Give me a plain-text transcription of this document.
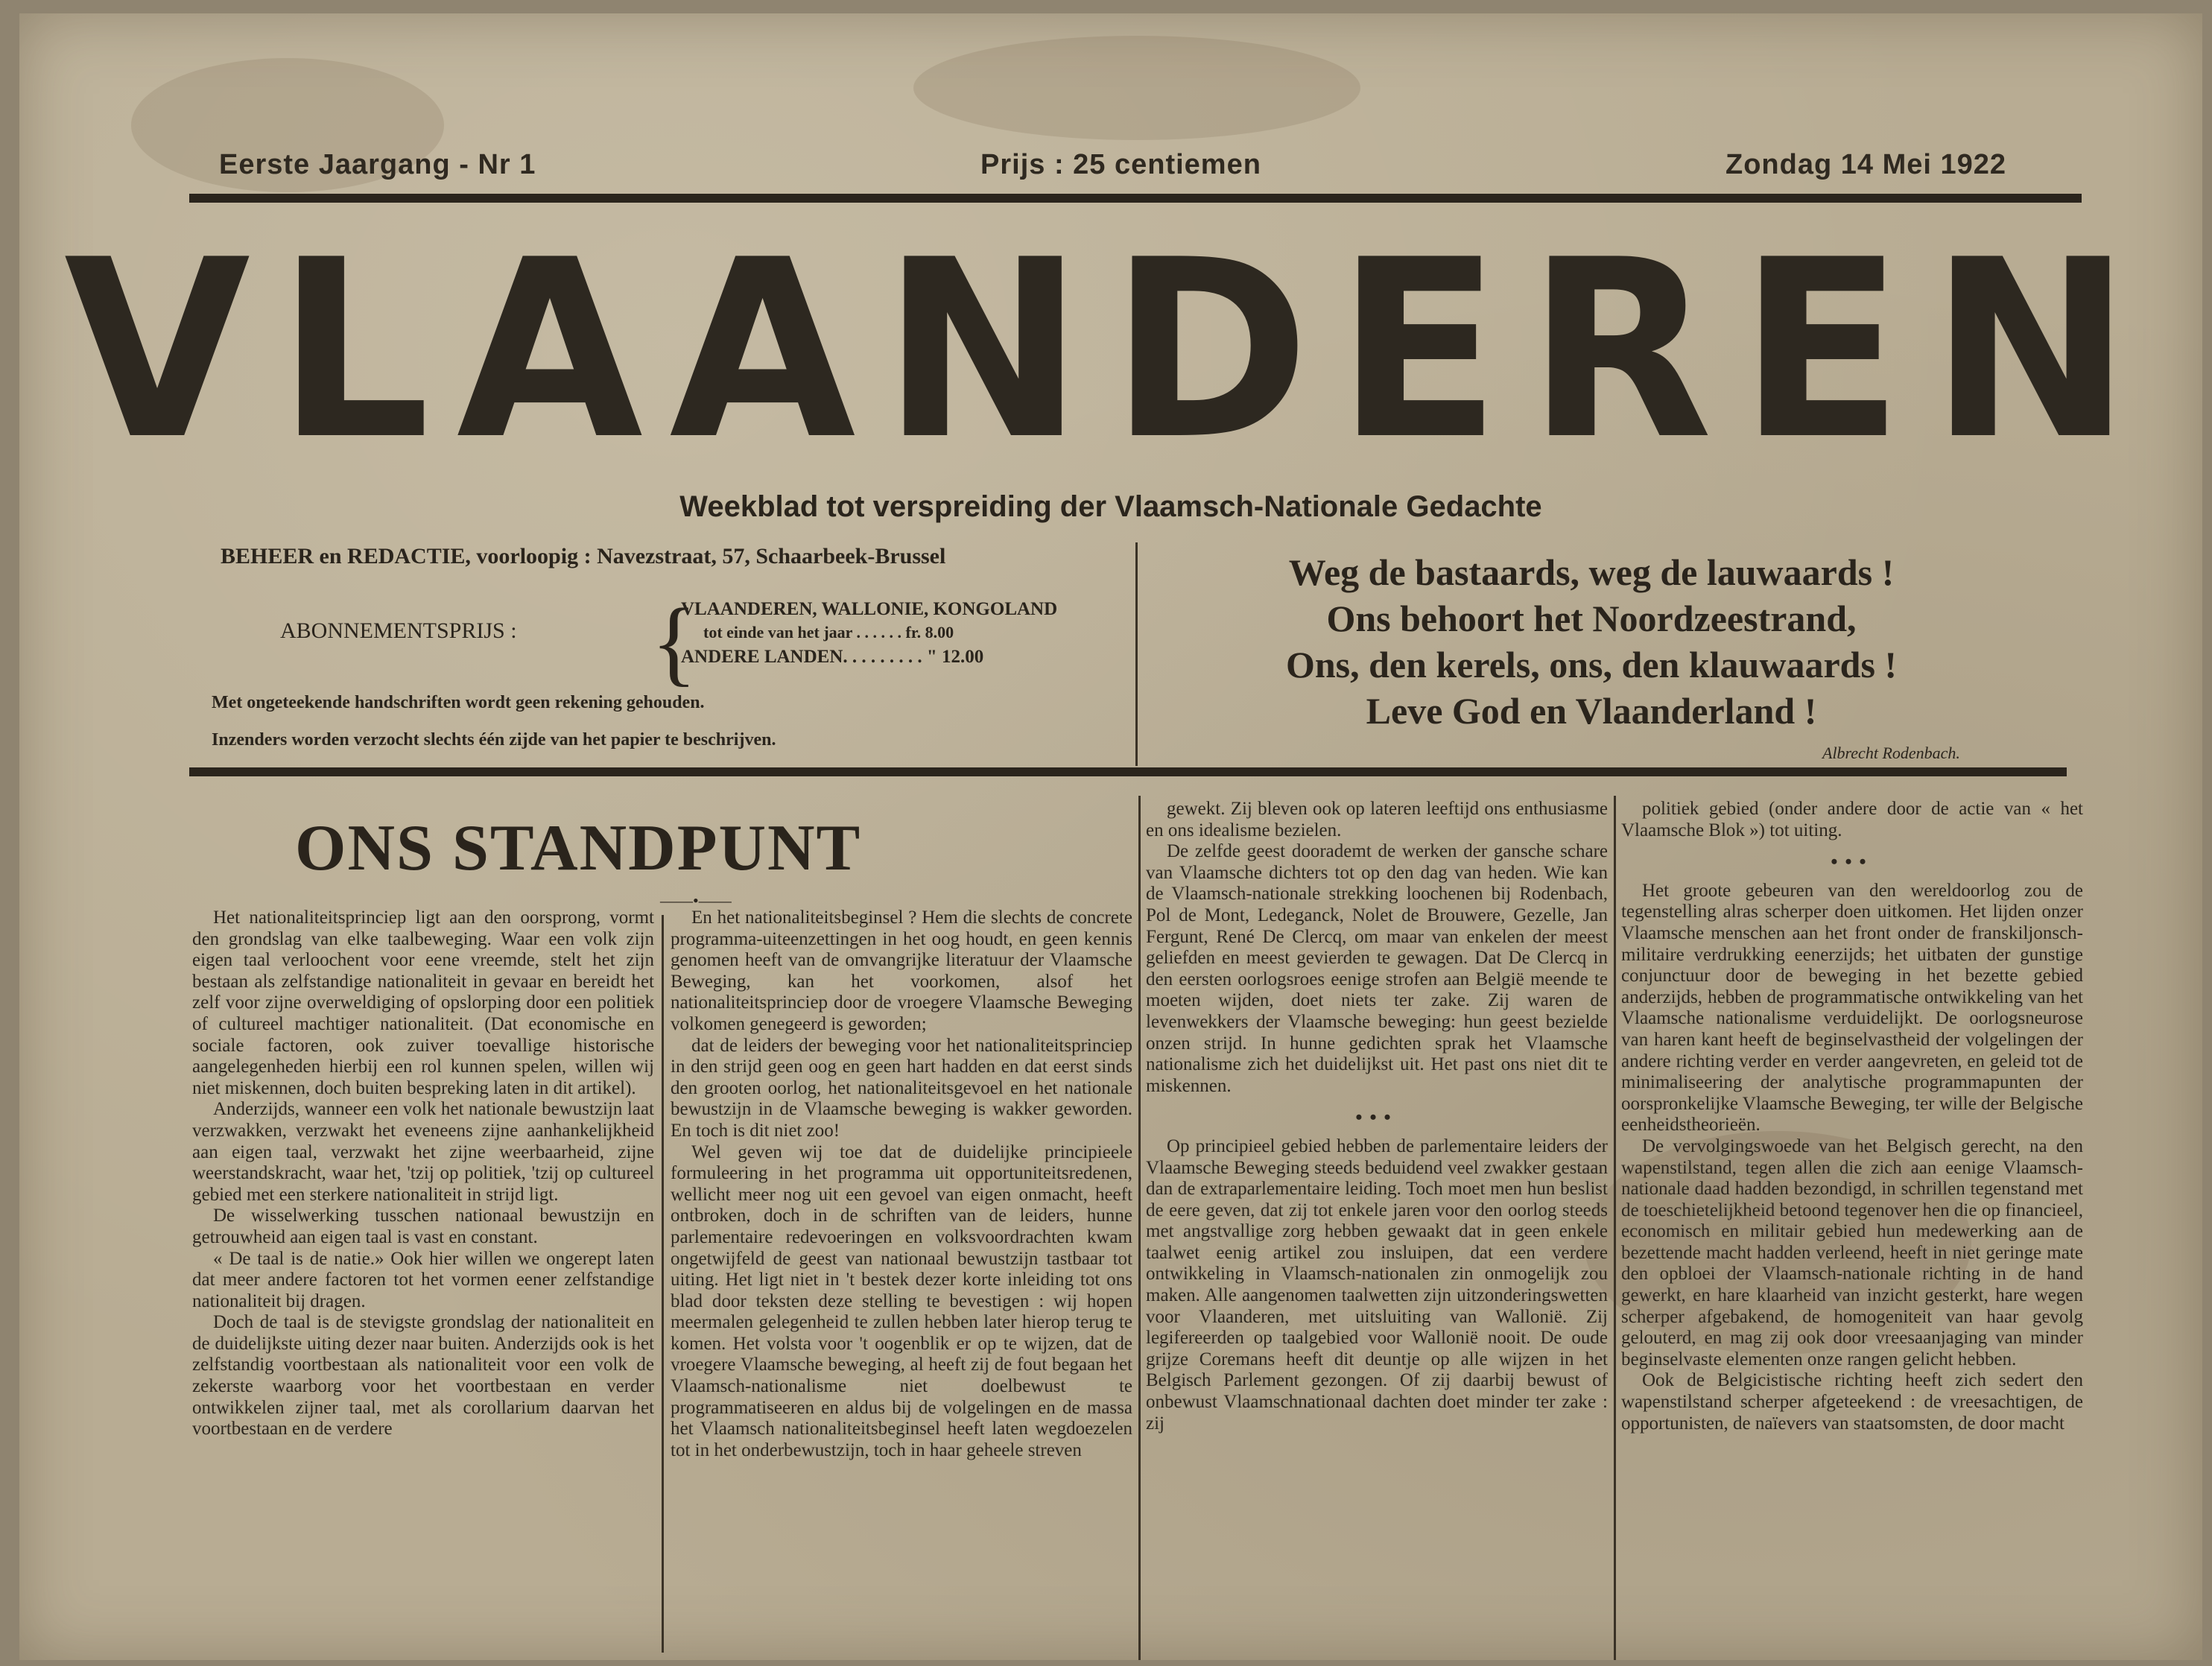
Eerste Jaargang - Nr 1	Prijs : 25 centiemen	Zondag 14 Mei 1922
VLAANDEREN
Weekblad tot verspreiding der Vlaamsch-Nationale Gedachte
BEHEER en REDACTIE, voorloopig : Navezstraat, 57, Schaarbeek-Brussel
ABONNEMENTSPRIJS : {
VLAANDEREN, WALLONIE, KONGOLAND
tot einde van het jaar . . . . . . fr. 8.00
ANDERE LANDEN. . . . . . . . . " 12.00
Met ongeteekende handschriften wordt geen rekening gehouden.
Inzenders worden verzocht slechts één zijde van het papier te beschrijven.
Weg de bastaards, weg de lauwaards !
Ons behoort het Noordzeestrand,
Ons, den kerels, ons, den klauwaards !
Leve God en Vlaanderland !
Albrecht Rodenbach.
ONS STANDPUNT
——•——

Het nationaliteitsprinciep ligt aan den oorsprong, vormt den grondslag van elke taalbeweging. Waar een volk zijn eigen taal verloochent voor eene vreemde, stelt het zijn bestaan als zelfstandige nationaliteit in gevaar en bereidt het zelf voor zijne overweldiging of opslorping door een politiek of cultureel machtiger nationaliteit. (Dat economische en sociale factoren, ook zuiver toevallige historische aangelegenheden hierbij een rol kunnen spelen, willen wij niet miskennen, doch buiten bespreking laten in dit artikel).

Anderzijds, wanneer een volk het nationale bewustzijn laat verzwakken, verzwakt het eveneens zijne aanhankelijkheid aan eigen taal, verzwakt het zijne weerbaarheid, zijne weerstandskracht, waar het, 'tzij op politiek, 'tzij op cultureel gebied met een sterkere nationaliteit in strijd ligt.

De wisselwerking tusschen nationaal bewustzijn en getrouwheid aan eigen taal is vast en constant.

« De taal is de natie.» Ook hier willen we ongerept laten dat meer andere factoren tot het vormen eener zelfstandige nationaliteit bij dragen.

Doch de taal is de stevigste grondslag der nationaliteit en de duidelijkste uiting dezer naar buiten. Anderzijds ook is het zelfstandig voortbestaan als nationaliteit voor een volk de zekerste waarborg voor het voortbestaan en verder ontwikkelen zijner taal, met als corollarium daarvan het voortbestaan en de verdere

En het nationaliteitsbeginsel ? Hem die slechts de concrete programma-uiteenzettingen in het oog houdt, en geen kennis genomen heeft van de omvangrijke literatuur der Vlaamsche Beweging, kan het voorkomen, alsof het nationaliteitsprinciep door de vroegere Vlaamsche Beweging volkomen genegeerd is geworden;

dat de leiders der beweging voor het nationaliteitsprinciep in den strijd geen oog en geen hart hadden en dat eerst sinds den grooten oorlog, het nationaliteitsgevoel en het nationale bewustzijn in de Vlaamsche beweging is wakker geworden. En toch is dit niet zoo!

Wel geven wij toe dat de duidelijke principieele formuleering in het programma uit opportuniteitsredenen, wellicht meer nog uit een gevoel van eigen onmacht, heeft ontbroken, doch in de schriften van de leiders, hunne parlementaire redevoeringen en volksvoordrachten kwam ongetwijfeld de geest van nationaal bewustzijn tastbaar tot uiting. Het ligt niet in 't bestek dezer korte inleiding tot ons blad door teksten deze stelling te bevestigen : wij hopen meermalen gelegenheid te zullen hebben later hierop terug te komen. Het volsta voor 't oogenblik er op te wijzen, dat de vroegere Vlaamsche beweging, al heeft zij de fout begaan het Vlaamsch-nationalisme niet doelbewust te programmatiseeren en aldus bij de volgelingen en de massa het Vlaamsch nationaliteitsbeginsel heeft laten wegdoezelen tot in het onderbewustzijn, toch in haar geheele streven

gewekt. Zij bleven ook op lateren leeftijd ons enthusiasme en ons idealisme bezielen.

De zelfde geest doorademt de werken der gansche schare van Vlaamsche dichters tot op den dag van heden. Wie kan de Vlaamsch-nationale strekking loochenen bij Rodenbach, Pol de Mont, Ledeganck, Nolet de Brouwere, Gezelle, Jan Fergunt, René De Clercq, om maar van enkelen der meest geliefden en meest gevierden te gewagen. Dat De Clercq in den eersten oorlogsroes eenige strofen aan België meende te moeten wijden, doet niets ter zake. Zij waren de levenwekkers der Vlaamsche beweging: hun geest bezielde onzen strijd. In hunne gedichten sprak het Vlaamsche nationalisme zich het duidelijkst uit. Het past ons niet dit te miskennen.

•••

Op principieel gebied hebben de parlementaire leiders der Vlaamsche Beweging steeds beduidend veel zwakker gestaan dan de extraparlementaire leiding. Toch moet men hun beslist de eere geven, dat zij tot enkele jaren voor den oorlog steeds met angstvallige zorg hebben gewaakt dat in geen enkele taalwet eenig artikel zou insluipen, dat een verdere ontwikkeling in Vlaamsch-nationalen zin onmogelijk zou maken. Alle aangenomen taalwetten zijn uitzonderingswetten voor Vlaanderen, met uitsluiting van Wallonië. Zij legifereerden op taalgebied voor Wallonië nooit. De oude grijze Coremans heeft dit deuntje op alle wijzen in het Belgisch Parlement gezongen. Of zij daarbij bewust of onbewust Vlaamschnationaal dachten doet minder ter zake : zij

politiek gebied (onder andere door de actie van « het Vlaamsche Blok ») tot uiting.

•••

Het groote gebeuren van den wereldoorlog zou de tegenstelling alras scherper doen uitkomen. Het lijden onzer Vlaamsche menschen aan het front onder de franskiljonsch-militaire verdrukking eenerzijds; het uitbaten der gunstige conjunctuur door de beweging in het bezette gebied anderzijds, hebben de programmatische ontwikkeling van het Vlaamsche nationalisme verduidelijkt. De oorlogsneurose van haren kant heeft de beginselvastheid der volgelingen der andere richting verder en verder aangevreten, en geleid tot de minimaliseering der analytische programmapunten der oorspronkelijke Vlaamsche Beweging, ter wille der Belgische eenheidstheorieën.

De vervolgingswoede van het Belgisch gerecht, na den wapenstilstand, tegen allen die zich aan eenige Vlaamsch-nationale daad hadden bezondigd, in schrillen tegenstand met de toeschietelijkheid betoond tegenover hen die op financieel, economisch en militair gebied hun medewerking aan de bezettende macht hadden verleend, heeft in niet geringe mate den opbloei der Vlaamsch-nationale richting in de hand gewerkt, en hare klaarheid van inzicht gesterkt, hare wegen scherper afgebakend, de homogeniteit van haar gevolg gelouterd, en mag zij ook door vreesaanjaging van minder beginselvaste elementen onze rangen gelicht hebben.

Ook de Belgicistische richting heeft zich sedert den wapenstilstand scherper afgeteekend : de vreesachtigen, de opportunisten, de naïevers van staatsomsten, de door macht
